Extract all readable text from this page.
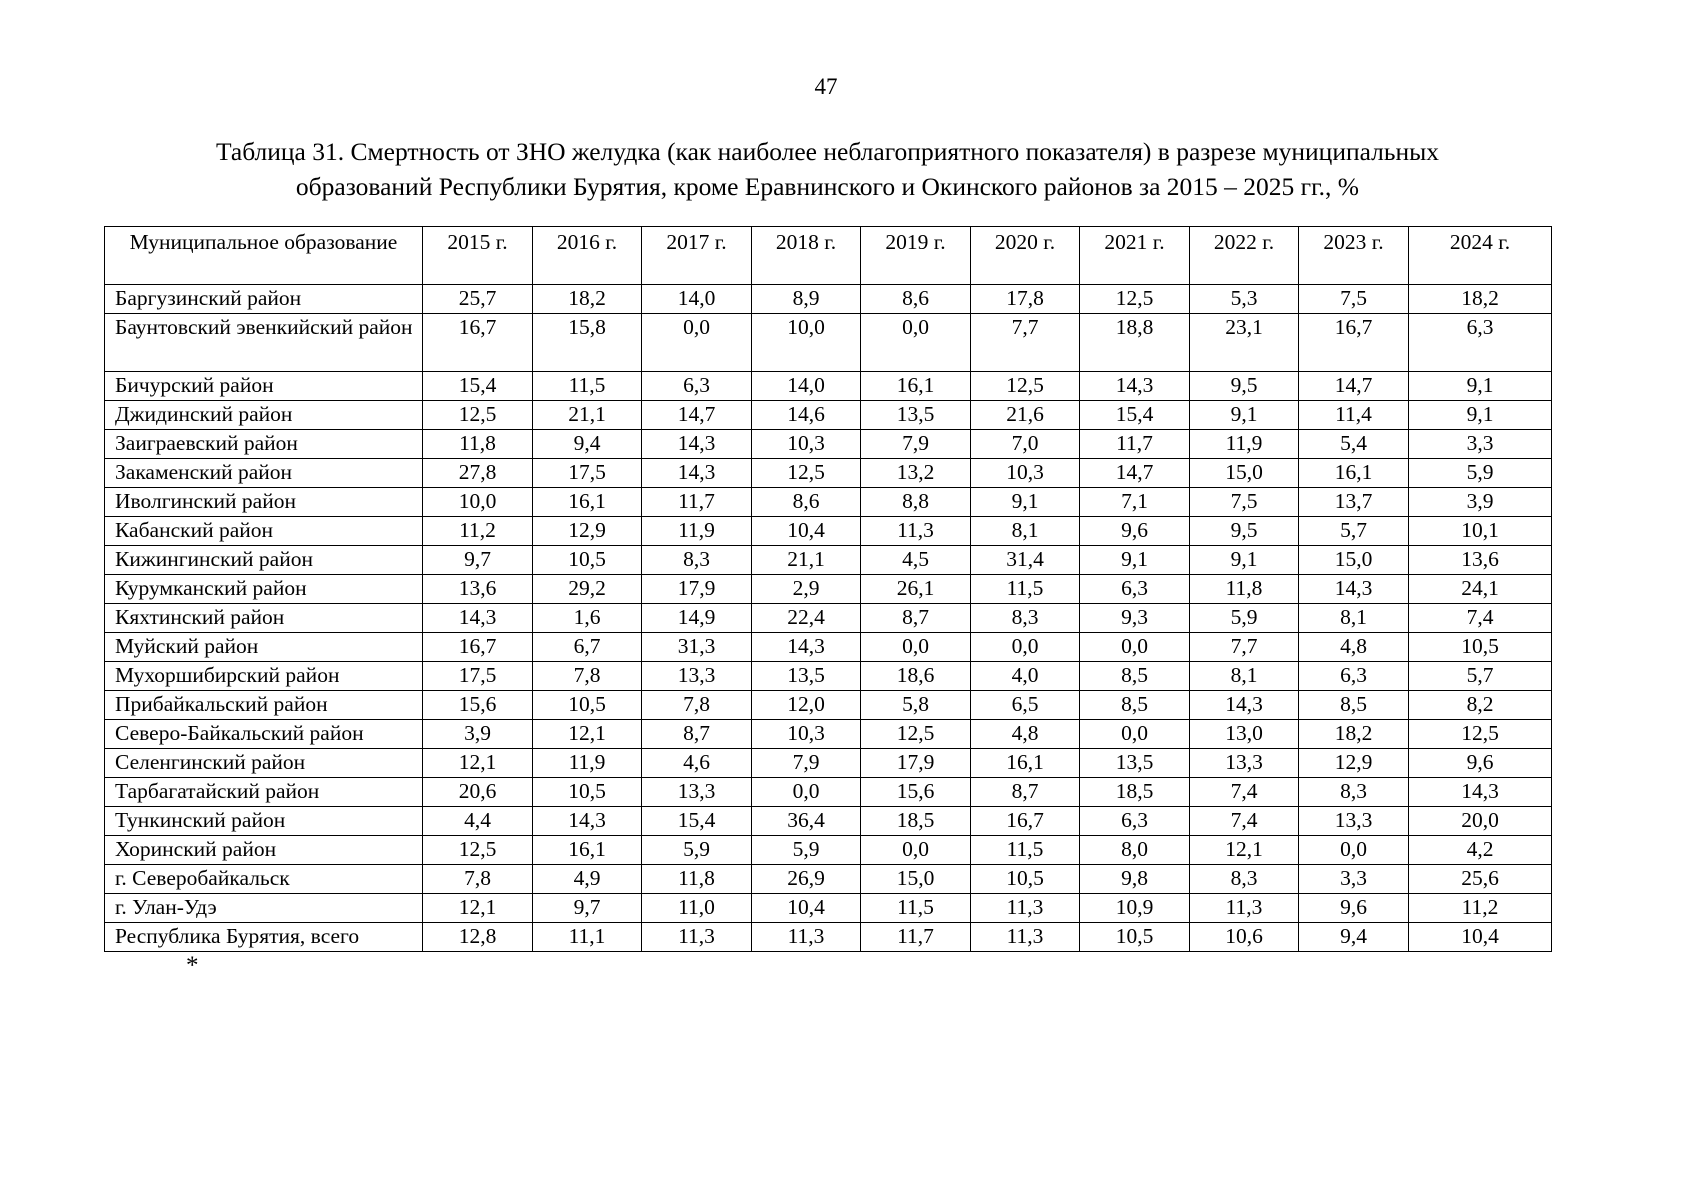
47
Таблица 31. Смертность от ЗНО желудка (как наиболее неблагоприятного показателя) в разрезе муниципальных
образований Республики Бурятия, кроме Еравнинского и Окинского районов за 2015 – 2025 гг., %
Муниципальное образование	2015 г.	2016 г.	2017 г.	2018 г.	2019 г.	2020 г.	2021 г.	2022 г.	2023 г.	2024 г.
Баргузинский район	25,7	18,2	14,0	8,9	8,6	17,8	12,5	5,3	7,5	18,2
Баунтовский эвенкийский район	16,7	15,8	0,0	10,0	0,0	7,7	18,8	23,1	16,7	6,3
Бичурский район	15,4	11,5	6,3	14,0	16,1	12,5	14,3	9,5	14,7	9,1
Джидинский район	12,5	21,1	14,7	14,6	13,5	21,6	15,4	9,1	11,4	9,1
Заиграевский район	11,8	9,4	14,3	10,3	7,9	7,0	11,7	11,9	5,4	3,3
Закаменский район	27,8	17,5	14,3	12,5	13,2	10,3	14,7	15,0	16,1	5,9
Иволгинский район	10,0	16,1	11,7	8,6	8,8	9,1	7,1	7,5	13,7	3,9
Кабанский район	11,2	12,9	11,9	10,4	11,3	8,1	9,6	9,5	5,7	10,1
Кижингинский район	9,7	10,5	8,3	21,1	4,5	31,4	9,1	9,1	15,0	13,6
Курумканский район	13,6	29,2	17,9	2,9	26,1	11,5	6,3	11,8	14,3	24,1
Кяхтинский район	14,3	1,6	14,9	22,4	8,7	8,3	9,3	5,9	8,1	7,4
Муйский район	16,7	6,7	31,3	14,3	0,0	0,0	0,0	7,7	4,8	10,5
Мухоршибирский район	17,5	7,8	13,3	13,5	18,6	4,0	8,5	8,1	6,3	5,7
Прибайкальский район	15,6	10,5	7,8	12,0	5,8	6,5	8,5	14,3	8,5	8,2
Северо-Байкальский район	3,9	12,1	8,7	10,3	12,5	4,8	0,0	13,0	18,2	12,5
Селенгинский район	12,1	11,9	4,6	7,9	17,9	16,1	13,5	13,3	12,9	9,6
Тарбагатайский район	20,6	10,5	13,3	0,0	15,6	8,7	18,5	7,4	8,3	14,3
Тункинский район	4,4	14,3	15,4	36,4	18,5	16,7	6,3	7,4	13,3	20,0
Хоринский район	12,5	16,1	5,9	5,9	0,0	11,5	8,0	12,1	0,0	4,2
г. Северобайкальск	7,8	4,9	11,8	26,9	15,0	10,5	9,8	8,3	3,3	25,6
г. Улан-Удэ	12,1	9,7	11,0	10,4	11,5	11,3	10,9	11,3	9,6	11,2
Республика Бурятия, всего	12,8	11,1	11,3	11,3	11,7	11,3	10,5	10,6	9,4	10,4
*
